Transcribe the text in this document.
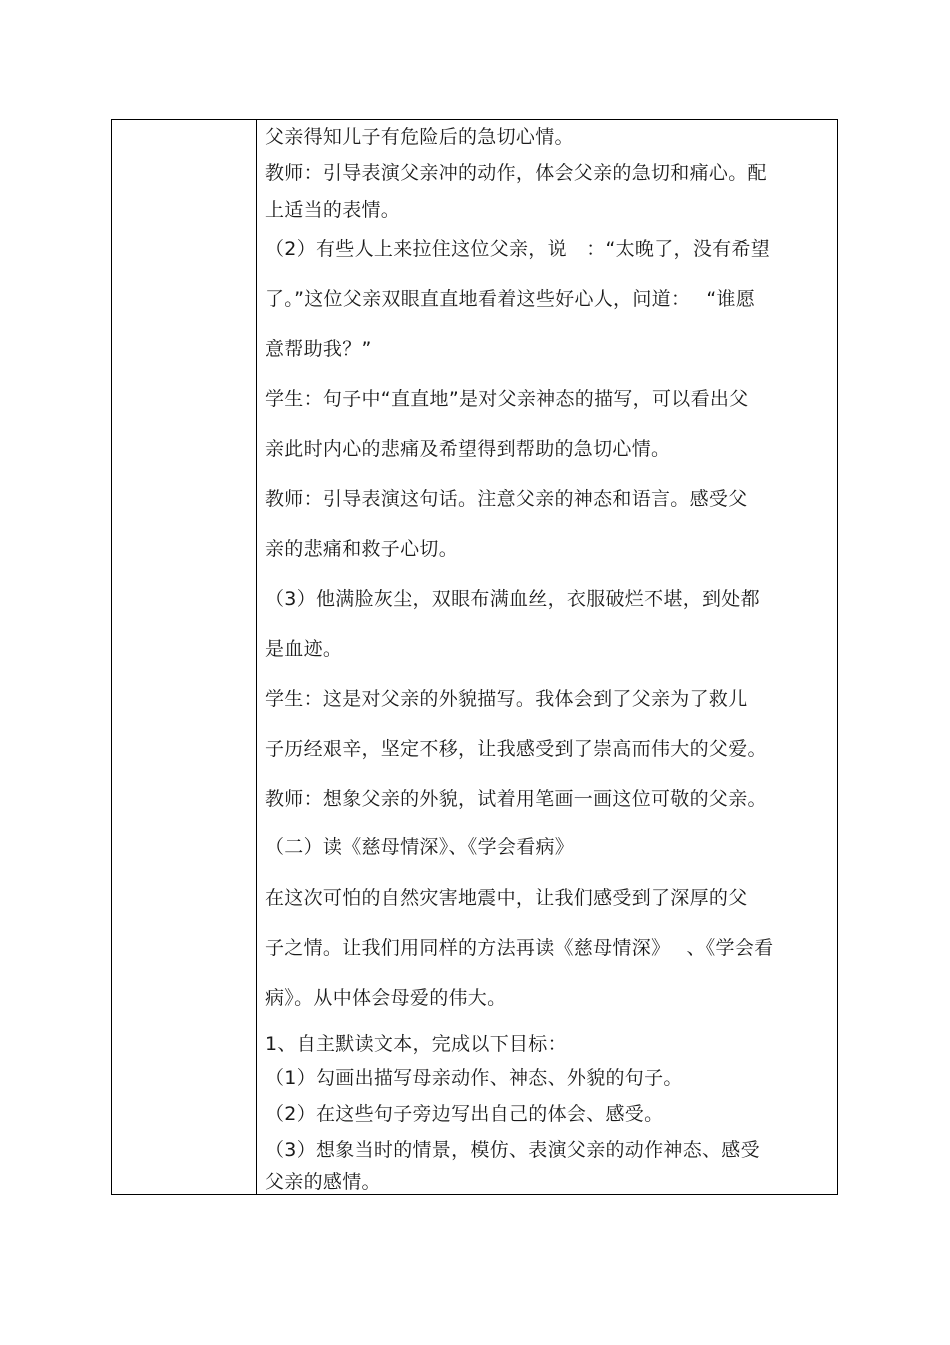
父亲得知儿子有危险后的急切心情。
教师：引导表演父亲冲的动作，体会父亲的急切和痛心。配
上适当的表情。
（2）有些人上来拉住这位父亲，说　：“太晚了，没有希望
了。”这位父亲双眼直直地看着这些好心人，问道：　 “谁愿
意帮助我？”
学生：句子中“直直地”是对父亲神态的描写，可以看出父
亲此时内心的悲痛及希望得到帮助的急切心情。
教师：引导表演这句话。注意父亲的神态和语言。感受父
亲的悲痛和救子心切。
（3）他满脸灰尘，双眼布满血丝，衣服破烂不堪，到处都
是血迹。
学生：这是对父亲的外貌描写。我体会到了父亲为了救儿
子历经艰辛，坚定不移，让我感受到了崇高而伟大的父爱。
教师：想象父亲的外貌，试着用笔画一画这位可敬的父亲。
（二）读《慈母情深》、《学会看病》
在这次可怕的自然灾害地震中，让我们感受到了深厚的父
子之情。让我们用同样的方法再读《慈母情深》　 、《学会看
病》。从中体会母爱的伟大。
1、自主默读文本，完成以下目标：
（1）勾画出描写母亲动作、神态、外貌的句子。
（2）在这些句子旁边写出自己的体会、感受。
（3）想象当时的情景，模仿、表演父亲的动作神态、感受
父亲的感情。
